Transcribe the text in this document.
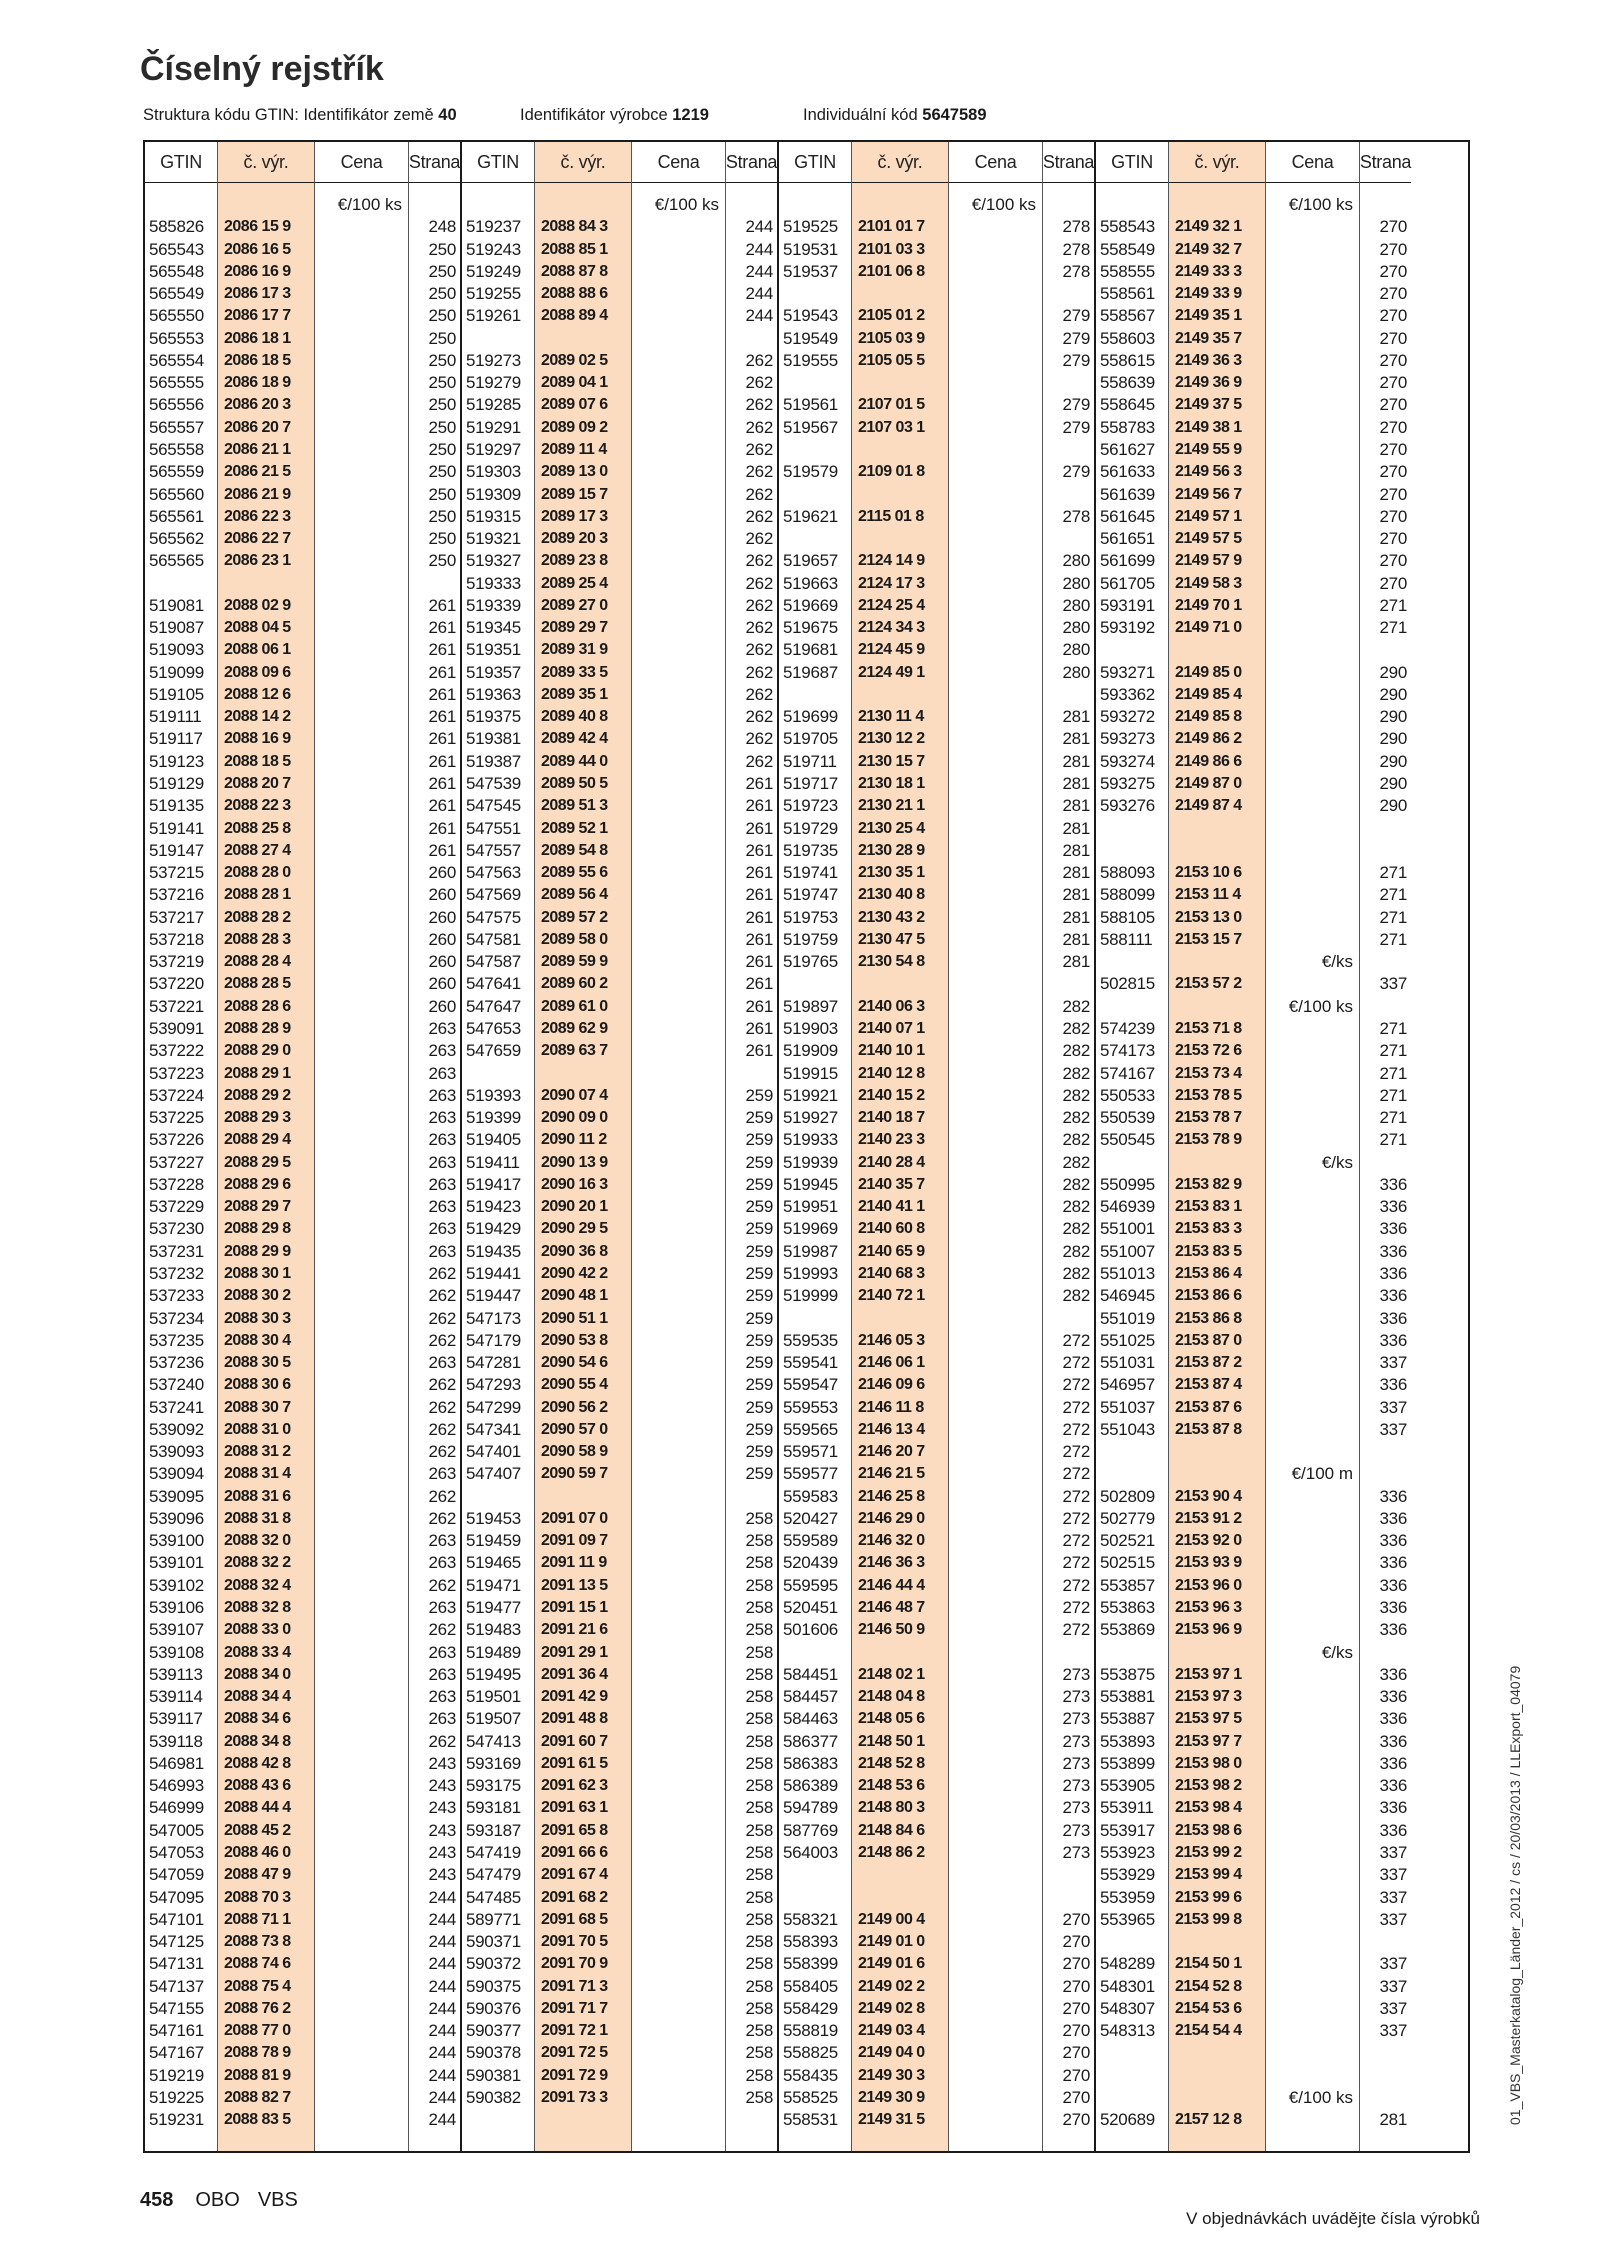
Číselný rejstřík
Struktura kódu GTIN: Identifikátor země 40	Identifikátor výrobce 1219	Individuální kód 5647589
GTIN
585826
565543
565548
565549
565550
565553
565554
565555
565556
565557
565558
565559
565560
565561
565562
565565
519081
519087
519093
519099
519105
519111
519117
519123
519129
519135
519141
519147
537215
537216
537217
537218
537219
537220
537221
539091
537222
537223
537224
537225
537226
537227
537228
537229
537230
537231
537232
537233
537234
537235
537236
537240
537241
539092
539093
539094
539095
539096
539100
539101
539102
539106
539107
539108
539113
539114
539117
539118
546981
546993
546999
547005
547053
547059
547095
547101
547125
547131
547137
547155
547161
547167
519219
519225
519231
č. výr.
2086 15 9
2086 16 5
2086 16 9
2086 17 3
2086 17 7
2086 18 1
2086 18 5
2086 18 9
2086 20 3
2086 20 7
2086 21 1
2086 21 5
2086 21 9
2086 22 3
2086 22 7
2086 23 1
2088 02 9
2088 04 5
2088 06 1
2088 09 6
2088 12 6
2088 14 2
2088 16 9
2088 18 5
2088 20 7
2088 22 3
2088 25 8
2088 27 4
2088 28 0
2088 28 1
2088 28 2
2088 28 3
2088 28 4
2088 28 5
2088 28 6
2088 28 9
2088 29 0
2088 29 1
2088 29 2
2088 29 3
2088 29 4
2088 29 5
2088 29 6
2088 29 7
2088 29 8
2088 29 9
2088 30 1
2088 30 2
2088 30 3
2088 30 4
2088 30 5
2088 30 6
2088 30 7
2088 31 0
2088 31 2
2088 31 4
2088 31 6
2088 31 8
2088 32 0
2088 32 2
2088 32 4
2088 32 8
2088 33 0
2088 33 4
2088 34 0
2088 34 4
2088 34 6
2088 34 8
2088 42 8
2088 43 6
2088 44 4
2088 45 2
2088 46 0
2088 47 9
2088 70 3
2088 71 1
2088 73 8
2088 74 6
2088 75 4
2088 76 2
2088 77 0
2088 78 9
2088 81 9
2088 82 7
2088 83 5
Cena
€/100 ks
Strana
248
250
250
250
250
250
250
250
250
250
250
250
250
250
250
250
261
261
261
261
261
261
261
261
261
261
261
261
260
260
260
260
260
260
260
263
263
263
263
263
263
263
263
263
263
263
262
262
262
262
263
262
262
262
262
263
262
262
263
263
262
263
262
263
263
263
263
262
243
243
243
243
243
243
244
244
244
244
244
244
244
244
244
244
244
GTIN
519237
519243
519249
519255
519261
519273
519279
519285
519291
519297
519303
519309
519315
519321
519327
519333
519339
519345
519351
519357
519363
519375
519381
519387
547539
547545
547551
547557
547563
547569
547575
547581
547587
547641
547647
547653
547659
519393
519399
519405
519411
519417
519423
519429
519435
519441
519447
547173
547179
547281
547293
547299
547341
547401
547407
519453
519459
519465
519471
519477
519483
519489
519495
519501
519507
547413
593169
593175
593181
593187
547419
547479
547485
589771
590371
590372
590375
590376
590377
590378
590381
590382
č. výr.
2088 84 3
2088 85 1
2088 87 8
2088 88 6
2088 89 4
2089 02 5
2089 04 1
2089 07 6
2089 09 2
2089 11 4
2089 13 0
2089 15 7
2089 17 3
2089 20 3
2089 23 8
2089 25 4
2089 27 0
2089 29 7
2089 31 9
2089 33 5
2089 35 1
2089 40 8
2089 42 4
2089 44 0
2089 50 5
2089 51 3
2089 52 1
2089 54 8
2089 55 6
2089 56 4
2089 57 2
2089 58 0
2089 59 9
2089 60 2
2089 61 0
2089 62 9
2089 63 7
2090 07 4
2090 09 0
2090 11 2
2090 13 9
2090 16 3
2090 20 1
2090 29 5
2090 36 8
2090 42 2
2090 48 1
2090 51 1
2090 53 8
2090 54 6
2090 55 4
2090 56 2
2090 57 0
2090 58 9
2090 59 7
2091 07 0
2091 09 7
2091 11 9
2091 13 5
2091 15 1
2091 21 6
2091 29 1
2091 36 4
2091 42 9
2091 48 8
2091 60 7
2091 61 5
2091 62 3
2091 63 1
2091 65 8
2091 66 6
2091 67 4
2091 68 2
2091 68 5
2091 70 5
2091 70 9
2091 71 3
2091 71 7
2091 72 1
2091 72 5
2091 72 9
2091 73 3
Cena
€/100 ks
Strana
244
244
244
244
244
262
262
262
262
262
262
262
262
262
262
262
262
262
262
262
262
262
262
262
261
261
261
261
261
261
261
261
261
261
261
261
261
259
259
259
259
259
259
259
259
259
259
259
259
259
259
259
259
259
259
258
258
258
258
258
258
258
258
258
258
258
258
258
258
258
258
258
258
258
258
258
258
258
258
258
258
258
GTIN
519525
519531
519537
519543
519549
519555
519561
519567
519579
519621
519657
519663
519669
519675
519681
519687
519699
519705
519711
519717
519723
519729
519735
519741
519747
519753
519759
519765
519897
519903
519909
519915
519921
519927
519933
519939
519945
519951
519969
519987
519993
519999
559535
559541
559547
559553
559565
559571
559577
559583
520427
559589
520439
559595
520451
501606
584451
584457
584463
586377
586383
586389
594789
587769
564003
558321
558393
558399
558405
558429
558819
558825
558435
558525
558531
č. výr.
2101 01 7
2101 03 3
2101 06 8
2105 01 2
2105 03 9
2105 05 5
2107 01 5
2107 03 1
2109 01 8
2115 01 8
2124 14 9
2124 17 3
2124 25 4
2124 34 3
2124 45 9
2124 49 1
2130 11 4
2130 12 2
2130 15 7
2130 18 1
2130 21 1
2130 25 4
2130 28 9
2130 35 1
2130 40 8
2130 43 2
2130 47 5
2130 54 8
2140 06 3
2140 07 1
2140 10 1
2140 12 8
2140 15 2
2140 18 7
2140 23 3
2140 28 4
2140 35 7
2140 41 1
2140 60 8
2140 65 9
2140 68 3
2140 72 1
2146 05 3
2146 06 1
2146 09 6
2146 11 8
2146 13 4
2146 20 7
2146 21 5
2146 25 8
2146 29 0
2146 32 0
2146 36 3
2146 44 4
2146 48 7
2146 50 9
2148 02 1
2148 04 8
2148 05 6
2148 50 1
2148 52 8
2148 53 6
2148 80 3
2148 84 6
2148 86 2
2149 00 4
2149 01 0
2149 01 6
2149 02 2
2149 02 8
2149 03 4
2149 04 0
2149 30 3
2149 30 9
2149 31 5
Cena
€/100 ks
Strana
278
278
278
279
279
279
279
279
279
278
280
280
280
280
280
280
281
281
281
281
281
281
281
281
281
281
281
281
282
282
282
282
282
282
282
282
282
282
282
282
282
282
272
272
272
272
272
272
272
272
272
272
272
272
272
272
273
273
273
273
273
273
273
273
273
270
270
270
270
270
270
270
270
270
270
GTIN
558543
558549
558555
558561
558567
558603
558615
558639
558645
558783
561627
561633
561639
561645
561651
561699
561705
593191
593192
593271
593362
593272
593273
593274
593275
593276
588093
588099
588105
588111
502815
574239
574173
574167
550533
550539
550545
550995
546939
551001
551007
551013
546945
551019
551025
551031
546957
551037
551043
502809
502779
502521
502515
553857
553863
553869
553875
553881
553887
553893
553899
553905
553911
553917
553923
553929
553959
553965
548289
548301
548307
548313
520689
č. výr.
2149 32 1
2149 32 7
2149 33 3
2149 33 9
2149 35 1
2149 35 7
2149 36 3
2149 36 9
2149 37 5
2149 38 1
2149 55 9
2149 56 3
2149 56 7
2149 57 1
2149 57 5
2149 57 9
2149 58 3
2149 70 1
2149 71 0
2149 85 0
2149 85 4
2149 85 8
2149 86 2
2149 86 6
2149 87 0
2149 87 4
2153 10 6
2153 11 4
2153 13 0
2153 15 7
2153 57 2
2153 71 8
2153 72 6
2153 73 4
2153 78 5
2153 78 7
2153 78 9
2153 82 9
2153 83 1
2153 83 3
2153 83 5
2153 86 4
2153 86 6
2153 86 8
2153 87 0
2153 87 2
2153 87 4
2153 87 6
2153 87 8
2153 90 4
2153 91 2
2153 92 0
2153 93 9
2153 96 0
2153 96 3
2153 96 9
2153 97 1
2153 97 3
2153 97 5
2153 97 7
2153 98 0
2153 98 2
2153 98 4
2153 98 6
2153 99 2
2153 99 4
2153 99 6
2153 99 8
2154 50 1
2154 52 8
2154 53 6
2154 54 4
2157 12 8
Cena
€/100 ks
€/ks
€/100 ks
€/ks
€/100 m
€/ks
€/100 ks
Strana
270
270
270
270
270
270
270
270
270
270
270
270
270
270
270
270
270
271
271
290
290
290
290
290
290
290
271
271
271
271
337
271
271
271
271
271
271
336
336
336
336
336
336
336
336
337
336
337
337
336
336
336
336
336
336
336
336
336
336
336
336
336
336
336
337
337
337
337
337
337
337
337
281
458 OBO VBS
V objednávkách uvádějte čísla výrobků
01_VBS_Masterkatalog_Länder_2012 / cs / 20/03/2013 / LLExport_04079
